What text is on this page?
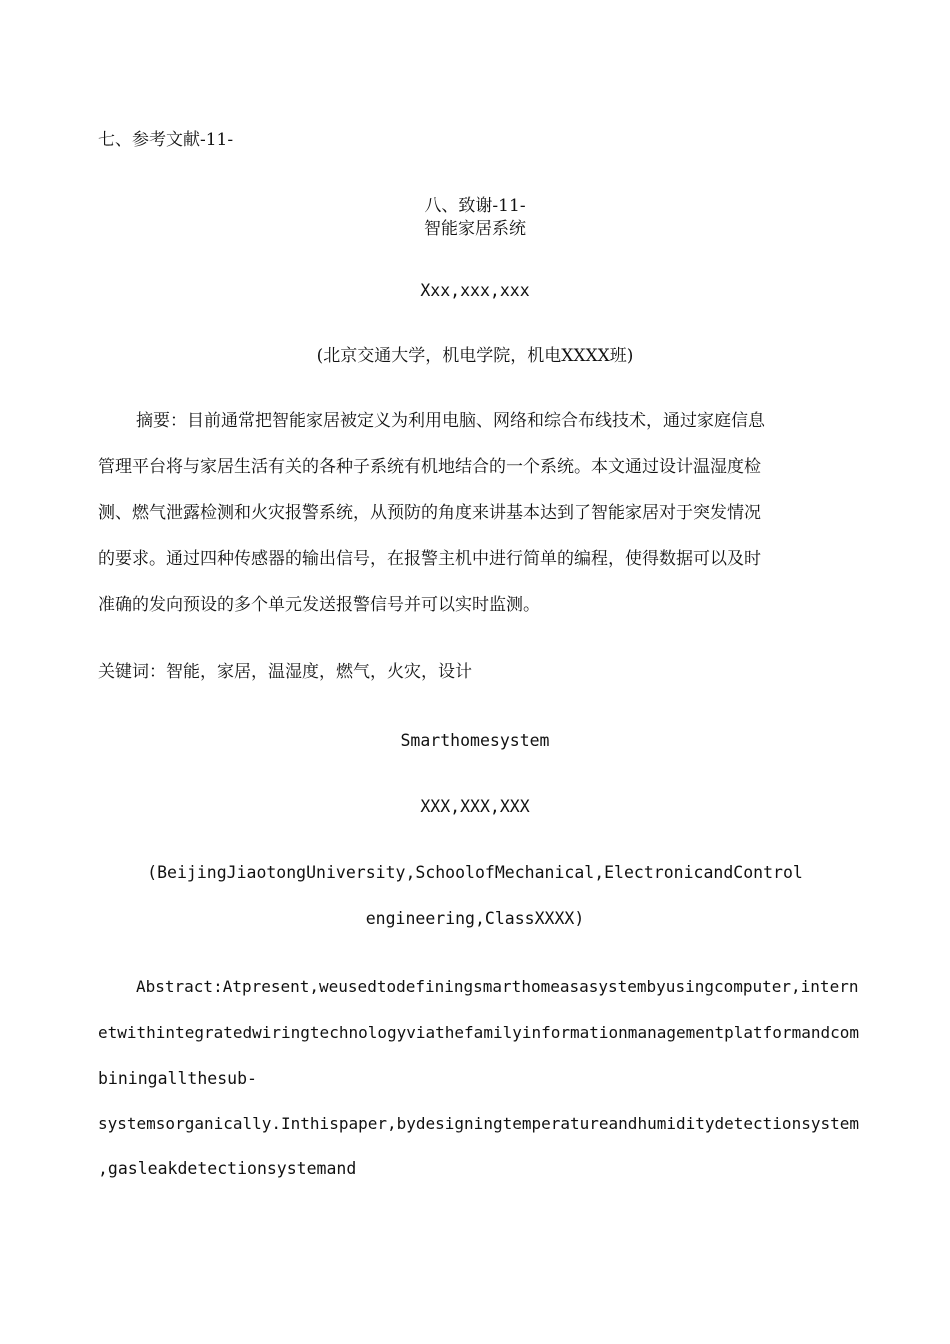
七、参考文献-11-
八、致谢-11-
智能家居系统
Xxx,xxx,xxx
(北京交通大学，机电学院，机电XXXX班)
摘要：目前通常把智能家居被定义为利用电脑、网络和综合布线技术，通过家庭信息
管理平台将与家居生活有关的各种子系统有机地结合的一个系统。本文通过设计温湿度检
测、燃气泄露检测和火灾报警系统，从预防的角度来讲基本达到了智能家居对于突发情况
的要求。通过四种传感器的输出信号，在报警主机中进行简单的编程，使得数据可以及时
准确的发向预设的多个单元发送报警信号并可以实时监测。
关键词：智能，家居，温湿度，燃气，火灾，设计
Smarthomesystem
XXX,XXX,XXX
(BeijingJiaotongUniversity,SchoolofMechanical,ElectronicandControl
engineering,ClassXXXX)
Abstract:Atpresent,weusedtodefiningsmarthomeasasystembyusingcomputer,intern
etwithintegratedwiringtechnologyviathefamilyinformationmanagementplatformandcom
biningallthesub-
systemsorganically.Inthispaper,bydesigningtemperatureandhumiditydetectionsystem
,gasleakdetectionsystemand
